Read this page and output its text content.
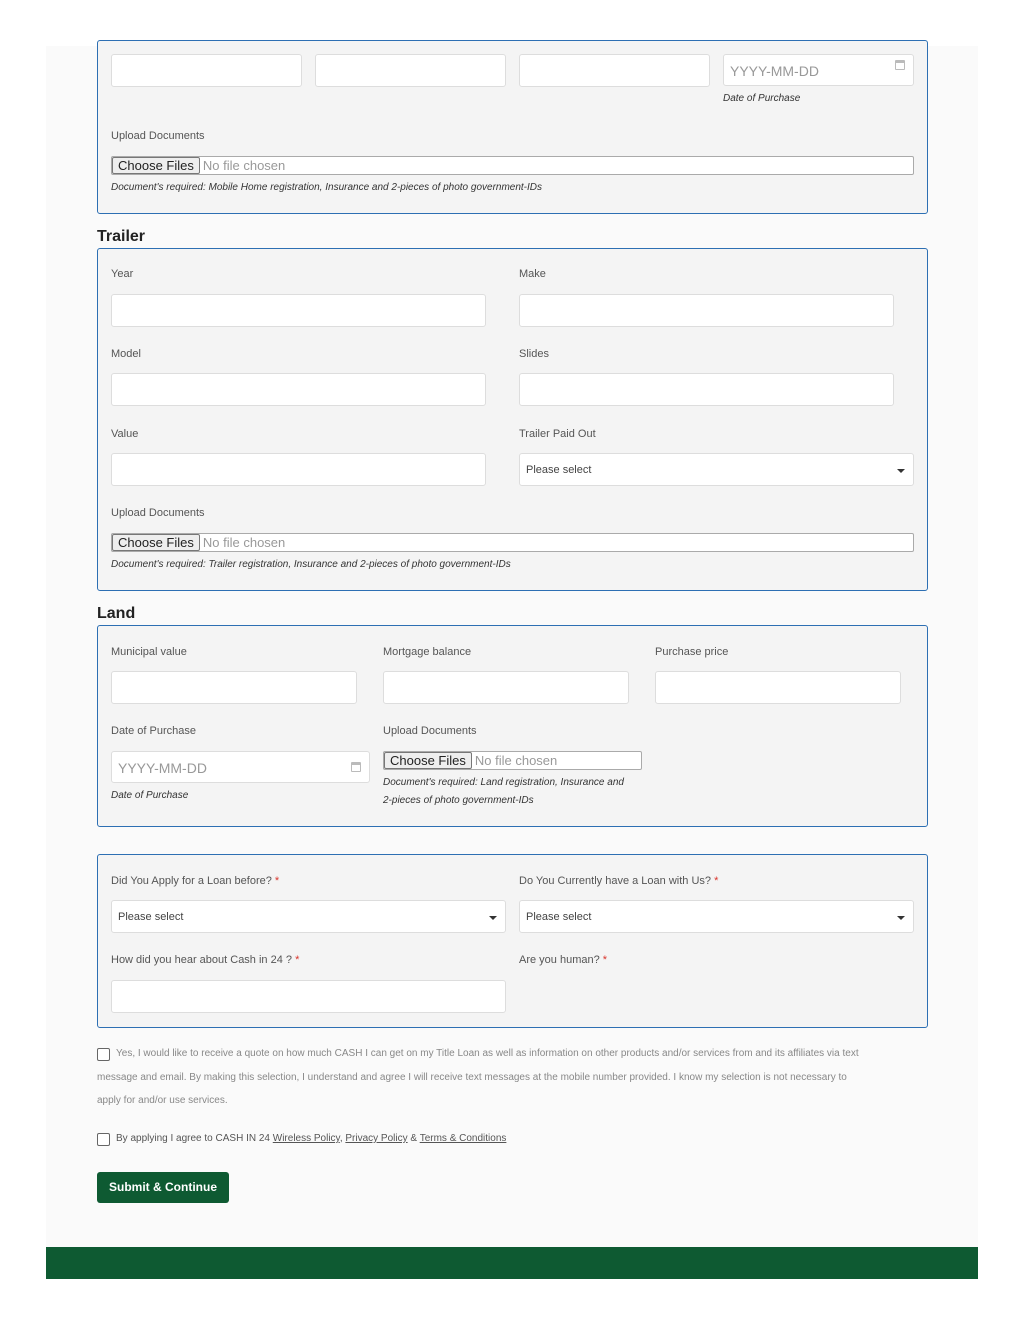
YYYY-MM-DD
Date of Purchase
Upload Documents
Choose Files No file chosen
Document's required: Mobile Home registration, Insurance and 2-pieces of photo government-IDs
Trailer
Year	Make
Model	Slides
Value	Trailer Paid Out
Please select
Upload Documents
Choose Files No file chosen
Document's required: Trailer registration, Insurance and 2-pieces of photo government-IDs
Land
Municipal value	Mortgage balance	Purchase price
Date of Purchase
YYYY-MM-DD
Date of Purchase
Upload Documents
Choose Files No file chosen
Document's required: Land registration, Insurance and
2-pieces of photo government-IDs
Did You Apply for a Loan before? *
Please select
Do You Currently have a Loan with Us? *
Please select
How did you hear about Cash in 24 ? *	Are you human? *
Yes, I would like to receive a quote on how much CASH I can get on my Title Loan as well as information on other products and/or services from and its affiliates via text
message and email. By making this selection, I understand and agree I will receive text messages at the mobile number provided. I know my selection is not necessary to
apply for and/or use services.
By applying I agree to CASH IN 24 Wireless Policy, Privacy Policy & Terms & Conditions
Submit & Continue
